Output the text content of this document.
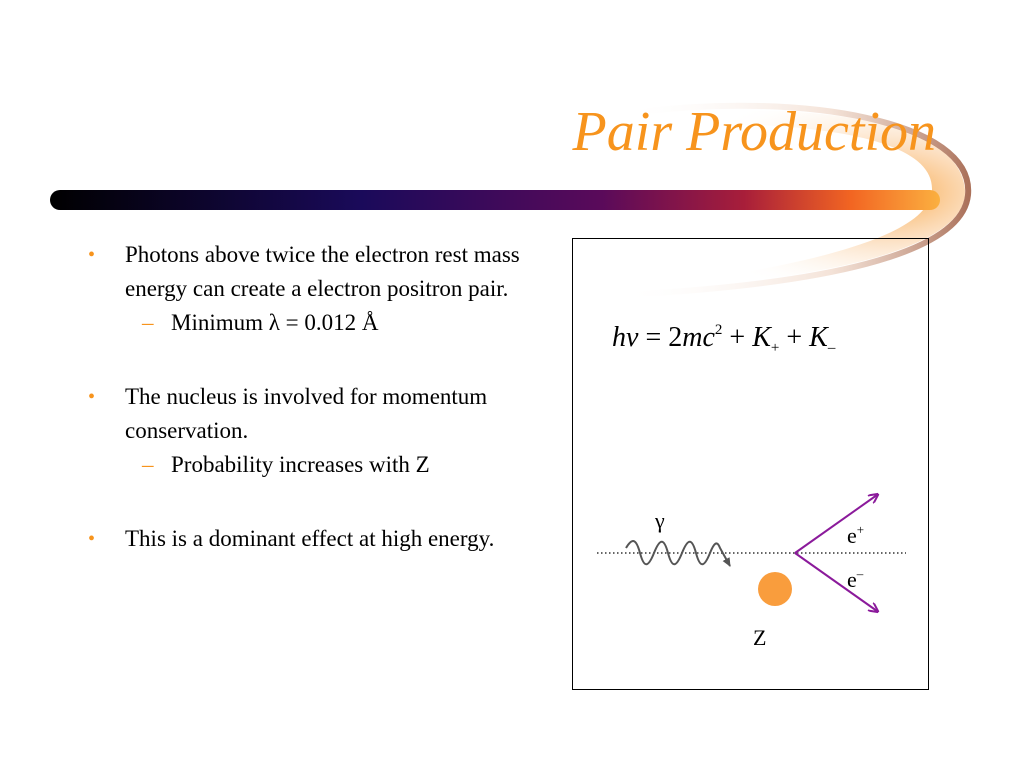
Pair Production
• Photons above twice the electron rest mass energy can create a electron positron pair.
– Minimum λ = 0.012 Å
• The nucleus is involved for momentum conservation.
– Probability increases with Z
• This is a dominant effect at high energy.
$h\nu = 2mc^2 + K_+ + K_-$
γ
e+
e–
Z
